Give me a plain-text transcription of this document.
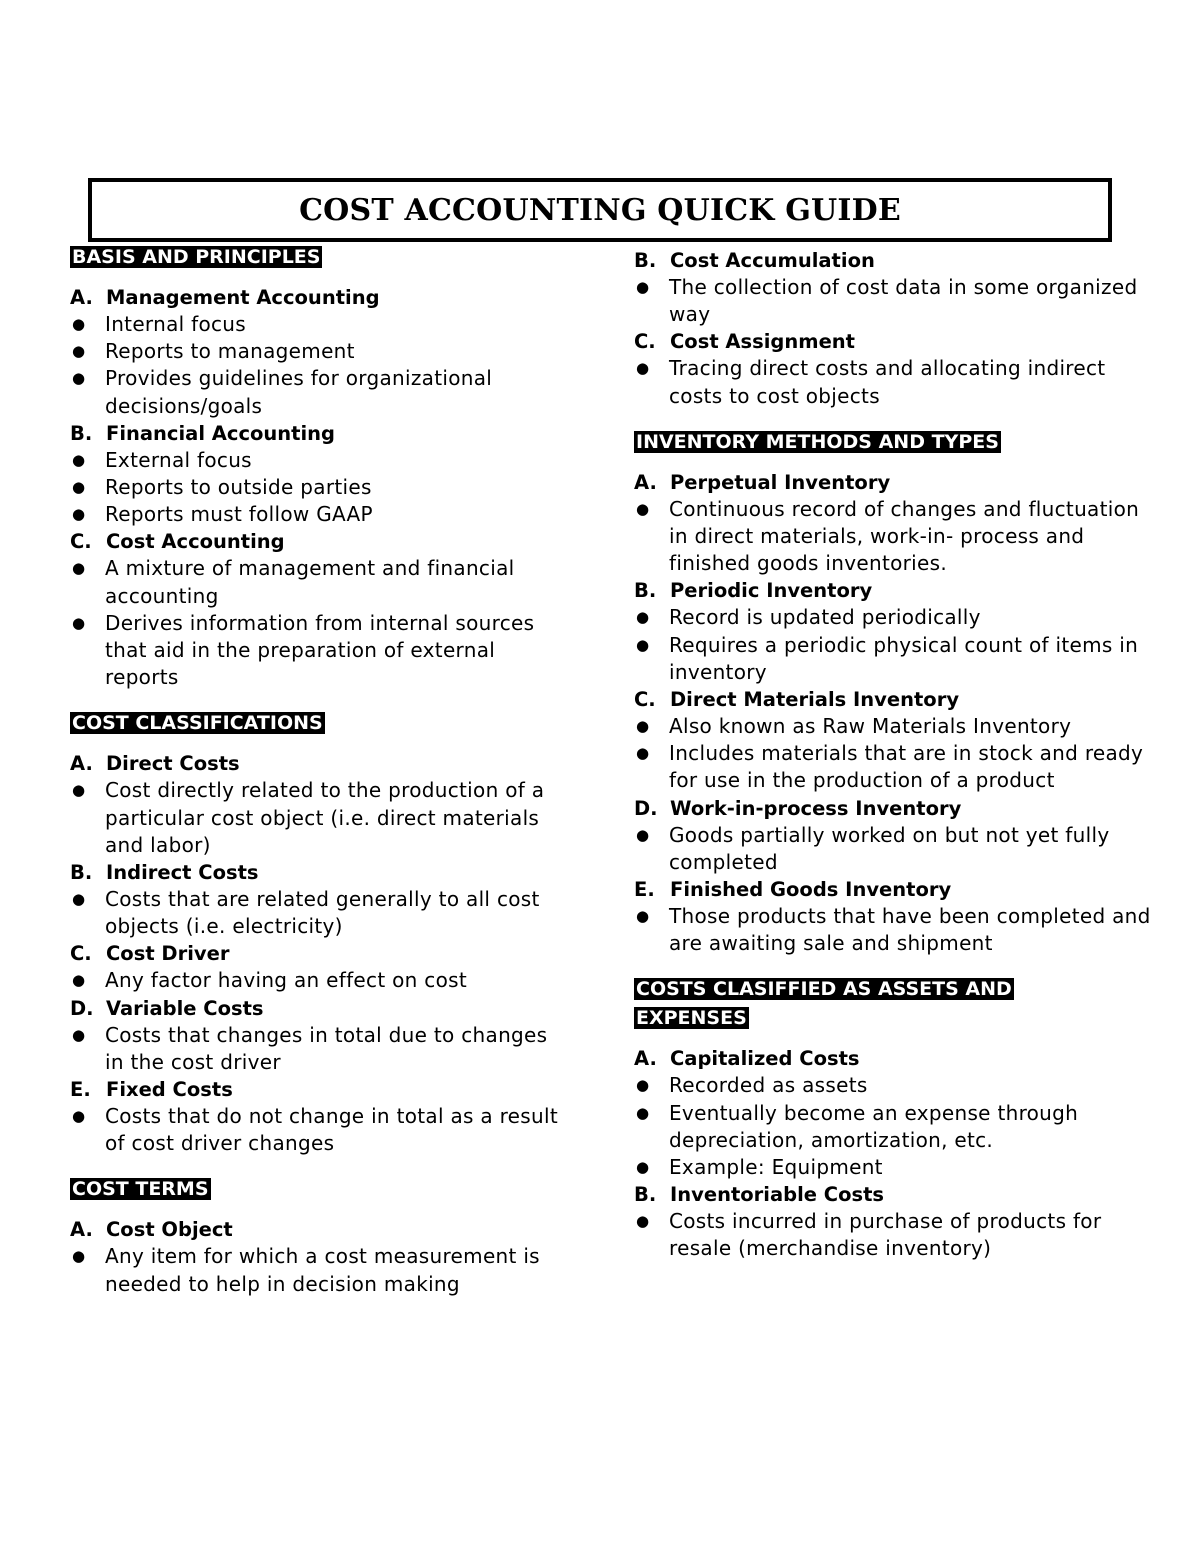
COST ACCOUNTING QUICK GUIDE
BASIS AND PRINCIPLES
A. Management Accounting
● Internal focus
● Reports to management
● Provides guidelines for organizational decisions/goals
B. Financial Accounting
● External focus
● Reports to outside parties
● Reports must follow GAAP
C. Cost Accounting
● A mixture of management and financial accounting
● Derives information from internal sources that aid in the preparation of external reports
COST CLASSIFICATIONS
A. Direct Costs
● Cost directly related to the production of a particular cost object (i.e. direct materials and labor)
B. Indirect Costs
● Costs that are related generally to all cost objects (i.e. electricity)
C. Cost Driver
● Any factor having an effect on cost
D. Variable Costs
● Costs that changes in total due to changes in the cost driver
E. Fixed Costs
● Costs that do not change in total as a result of cost driver changes
COST TERMS
A. Cost Object
● Any item for which a cost measurement is needed to help in decision making
B. Cost Accumulation
● The collection of cost data in some organized way
C. Cost Assignment
● Tracing direct costs and allocating indirect costs to cost objects
INVENTORY METHODS AND TYPES
A. Perpetual Inventory
● Continuous record of changes and fluctuation in direct materials, work-in- process and finished goods inventories.
B. Periodic Inventory
● Record is updated periodically
● Requires a periodic physical count of items in inventory
C. Direct Materials Inventory
● Also known as Raw Materials Inventory
● Includes materials that are in stock and ready for use in the production of a product
D. Work-in-process Inventory
● Goods partially worked on but not yet fully completed
E. Finished Goods Inventory
● Those products that have been completed and are awaiting sale and shipment
COSTS CLASIFFIED AS ASSETS AND
EXPENSES
A. Capitalized Costs
● Recorded as assets
● Eventually become an expense through depreciation, amortization, etc.
● Example: Equipment
B. Inventoriable Costs
● Costs incurred in purchase of products for resale (merchandise inventory)
